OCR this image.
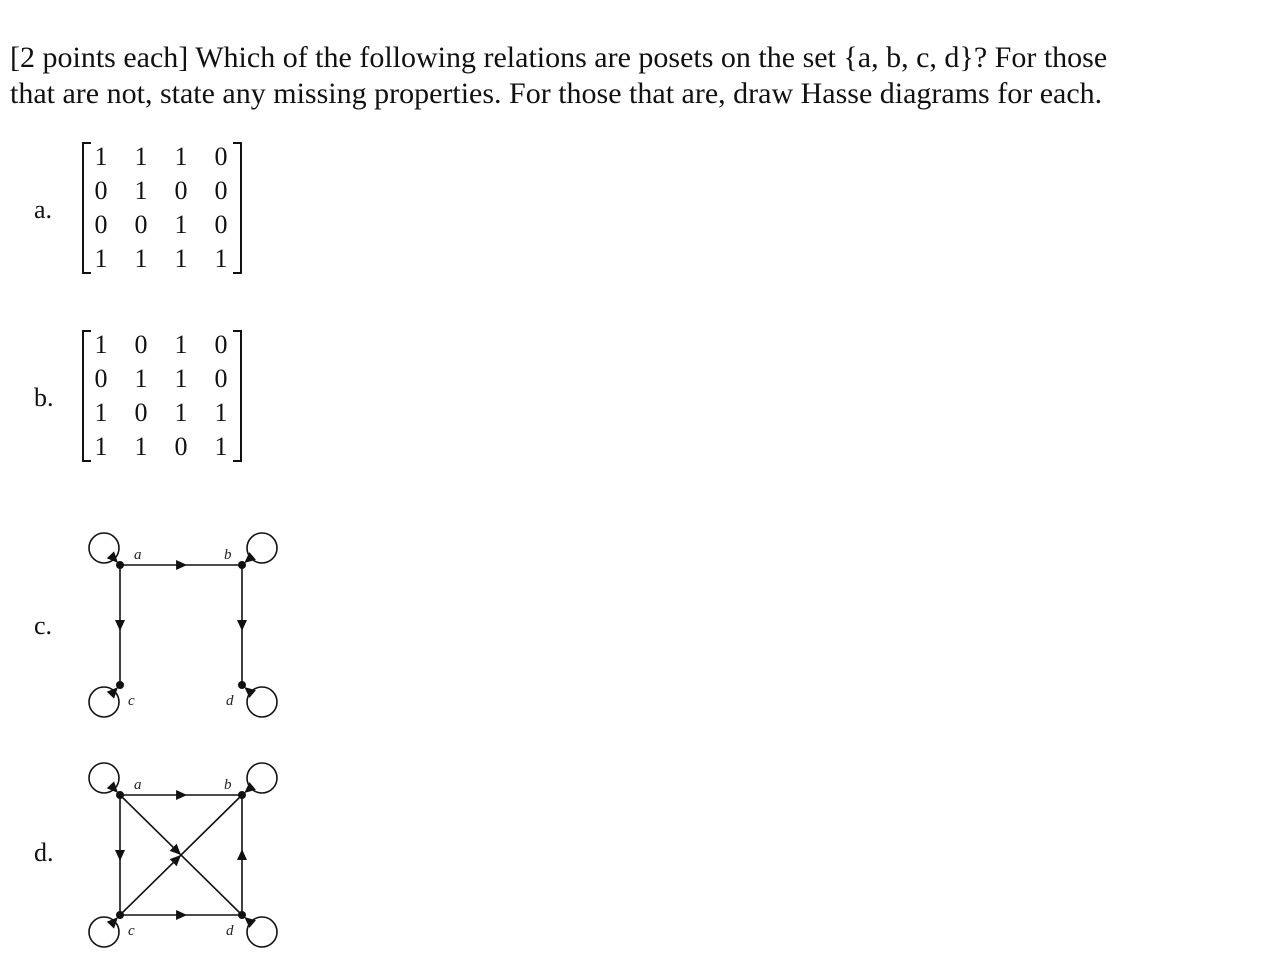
[2 points each] Which of the following relations are posets on the set {a, b, c, d}? For those
that are not, state any missing properties. For those that are, draw Hasse diagrams for each.
a.
1	1	1	0
0	1	0	0
0	0	1	0
1	1	1	1
b.
1	0	1	0
0	1	1	0
1	0	1	1
1	1	0	1
c.
a	b
c	d
d.
a	b
c	d
